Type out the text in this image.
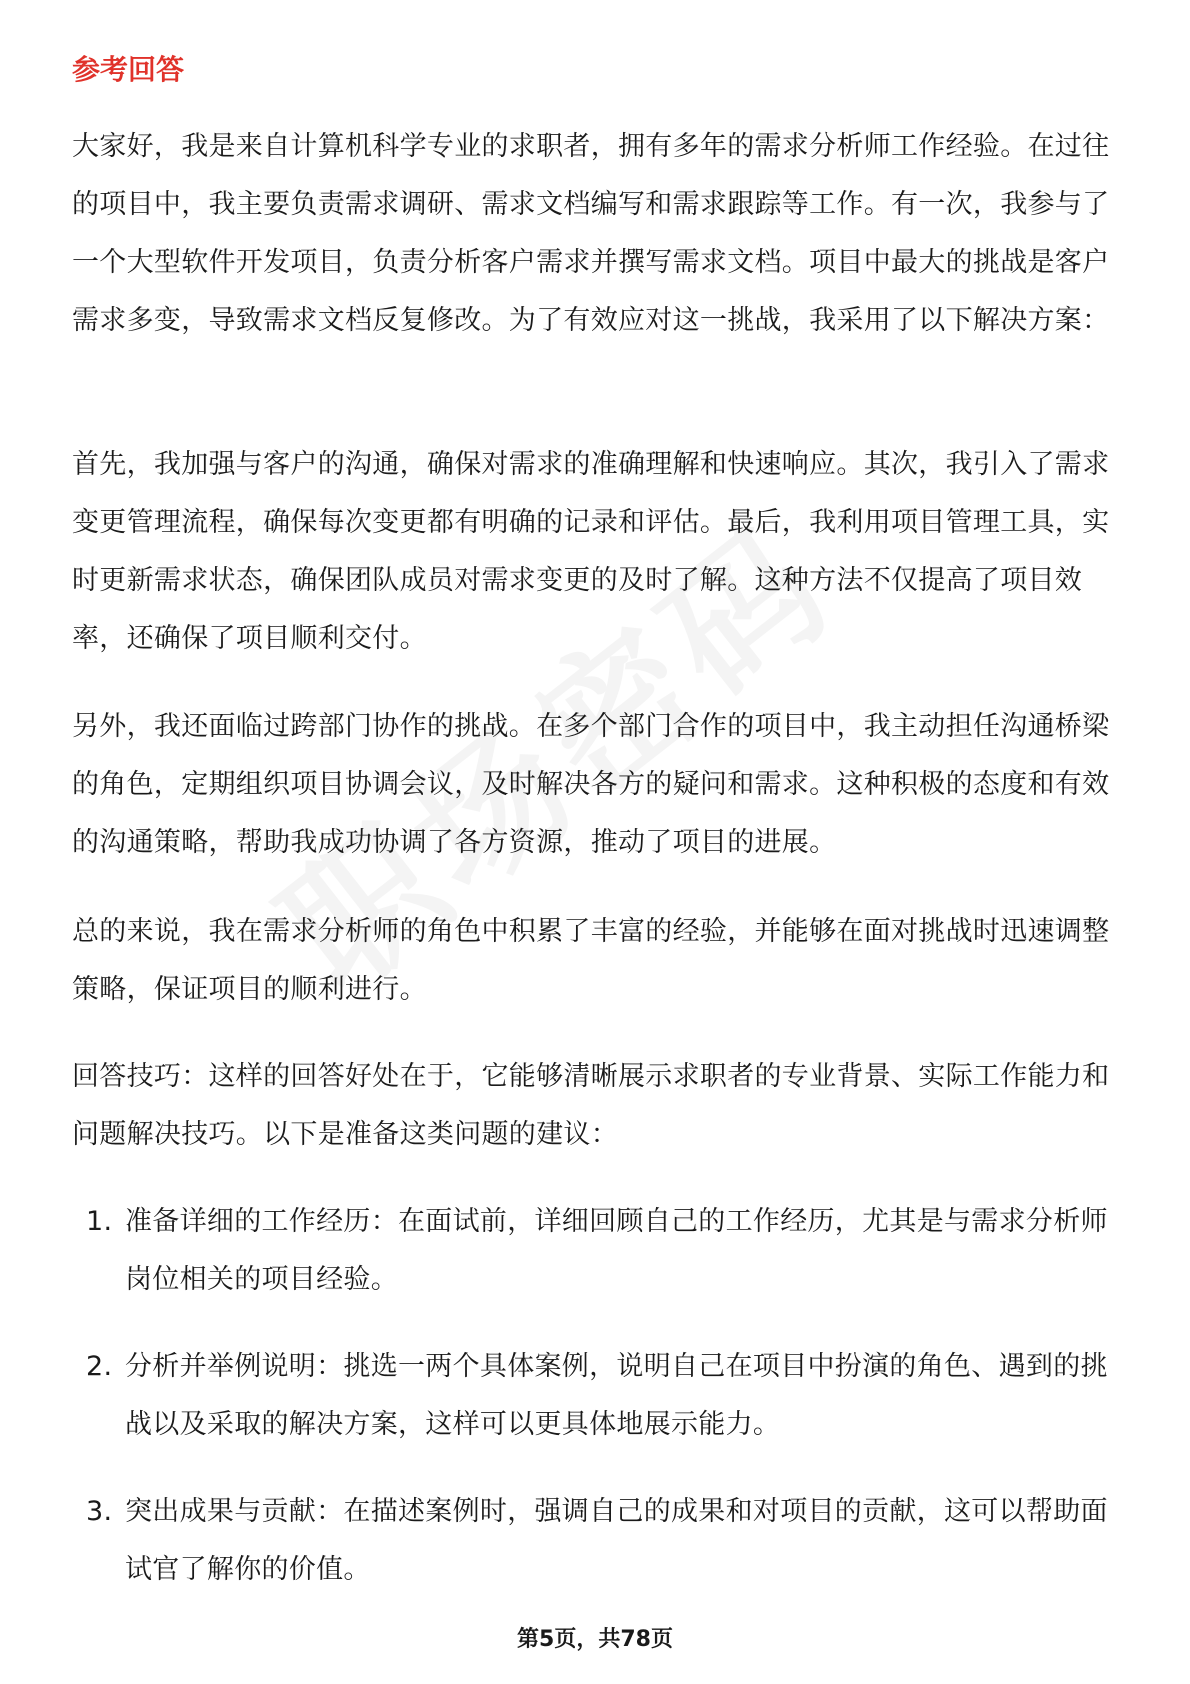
参考回答

大家好，我是来自计算机科学专业的求职者，拥有多年的需求分析师工作经验。在过往的项目中，我主要负责需求调研、需求文档编写和需求跟踪等工作。有一次，我参与了一个大型软件开发项目，负责分析客户需求并撰写需求文档。项目中最大的挑战是客户需求多变，导致需求文档反复修改。为了有效应对这一挑战，我采用了以下解决方案：

首先，我加强与客户的沟通，确保对需求的准确理解和快速响应。其次，我引入了需求变更管理流程，确保每次变更都有明确的记录和评估。最后，我利用项目管理工具，实时更新需求状态，确保团队成员对需求变更的及时了解。这种方法不仅提高了项目效率，还确保了项目顺利交付。

另外，我还面临过跨部门协作的挑战。在多个部门合作的项目中，我主动担任沟通桥梁的角色，定期组织项目协调会议，及时解决各方的疑问和需求。这种积极的态度和有效的沟通策略，帮助我成功协调了各方资源，推动了项目的进展。

总的来说，我在需求分析师的角色中积累了丰富的经验，并能够在面对挑战时迅速调整策略，保证项目的顺利进行。

回答技巧：这样的回答好处在于，它能够清晰展示求职者的专业背景、实际工作能力和问题解决技巧。以下是准备这类问题的建议：

1. 准备详细的工作经历：在面试前，详细回顾自己的工作经历，尤其是与需求分析师岗位相关的项目经验。
2. 分析并举例说明：挑选一两个具体案例，说明自己在项目中扮演的角色、遇到的挑战以及采取的解决方案，这样可以更具体地展示能力。
3. 突出成果与贡献：在描述案例时，强调自己的成果和对项目的贡献，这可以帮助面试官了解你的价值。
第5页，共78页
